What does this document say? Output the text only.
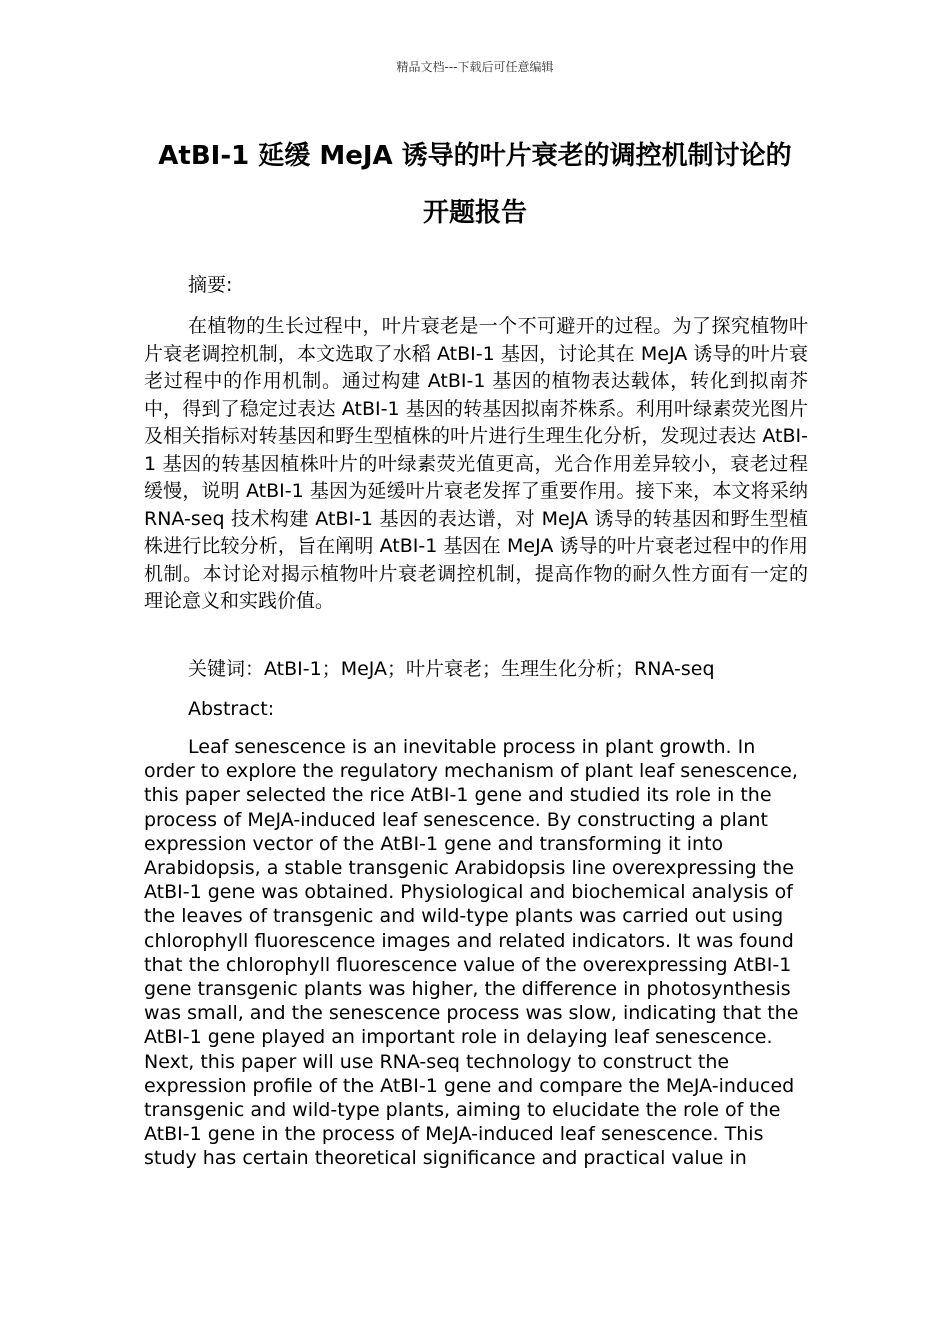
精品文档---下载后可任意编辑
AtBI-1 延缓 MeJA 诱导的叶片衰老的调控机制讨论的
开题报告

摘要:

在植物的生长过程中，叶片衰老是一个不可避开的过程。为了探究植物叶片衰老调控机制，本文选取了水稻 AtBI-1 基因，讨论其在 MeJA 诱导的叶片衰老过程中的作用机制。通过构建 AtBI-1 基因的植物表达载体，转化到拟南芥中，得到了稳定过表达 AtBI-1 基因的转基因拟南芥株系。利用叶绿素荧光图片及相关指标对转基因和野生型植株的叶片进行生理生化分析，发现过表达 AtBI-1 基因的转基因植株叶片的叶绿素荧光值更高，光合作用差异较小，衰老过程缓慢，说明 AtBI-1 基因为延缓叶片衰老发挥了重要作用。接下来，本文将采纳 RNA-seq 技术构建 AtBI-1 基因的表达谱，对 MeJA 诱导的转基因和野生型植株进行比较分析，旨在阐明 AtBI-1 基因在 MeJA 诱导的叶片衰老过程中的作用机制。本讨论对揭示植物叶片衰老调控机制，提高作物的耐久性方面有一定的理论意义和实践价值。

关键词：AtBI-1；MeJA；叶片衰老；生理生化分析；RNA-seq

Abstract:

Leaf senescence is an inevitable process in plant growth. In order to explore the regulatory mechanism of plant leaf senescence, this paper selected the rice AtBI-1 gene and studied its role in the process of MeJA-induced leaf senescence. By constructing a plant expression vector of the AtBI-1 gene and transforming it into Arabidopsis, a stable transgenic Arabidopsis line overexpressing the AtBI-1 gene was obtained. Physiological and biochemical analysis of the leaves of transgenic and wild-type plants was carried out using chlorophyll fluorescence images and related indicators. It was found that the chlorophyll fluorescence value of the overexpressing AtBI-1 gene transgenic plants was higher, the difference in photosynthesis was small, and the senescence process was slow, indicating that the AtBI-1 gene played an important role in delaying leaf senescence. Next, this paper will use RNA-seq technology to construct the expression profile of the AtBI-1 gene and compare the MeJA-induced transgenic and wild-type plants, aiming to elucidate the role of the AtBI-1 gene in the process of MeJA-induced leaf senescence. This study has certain theoretical significance and practical value in
